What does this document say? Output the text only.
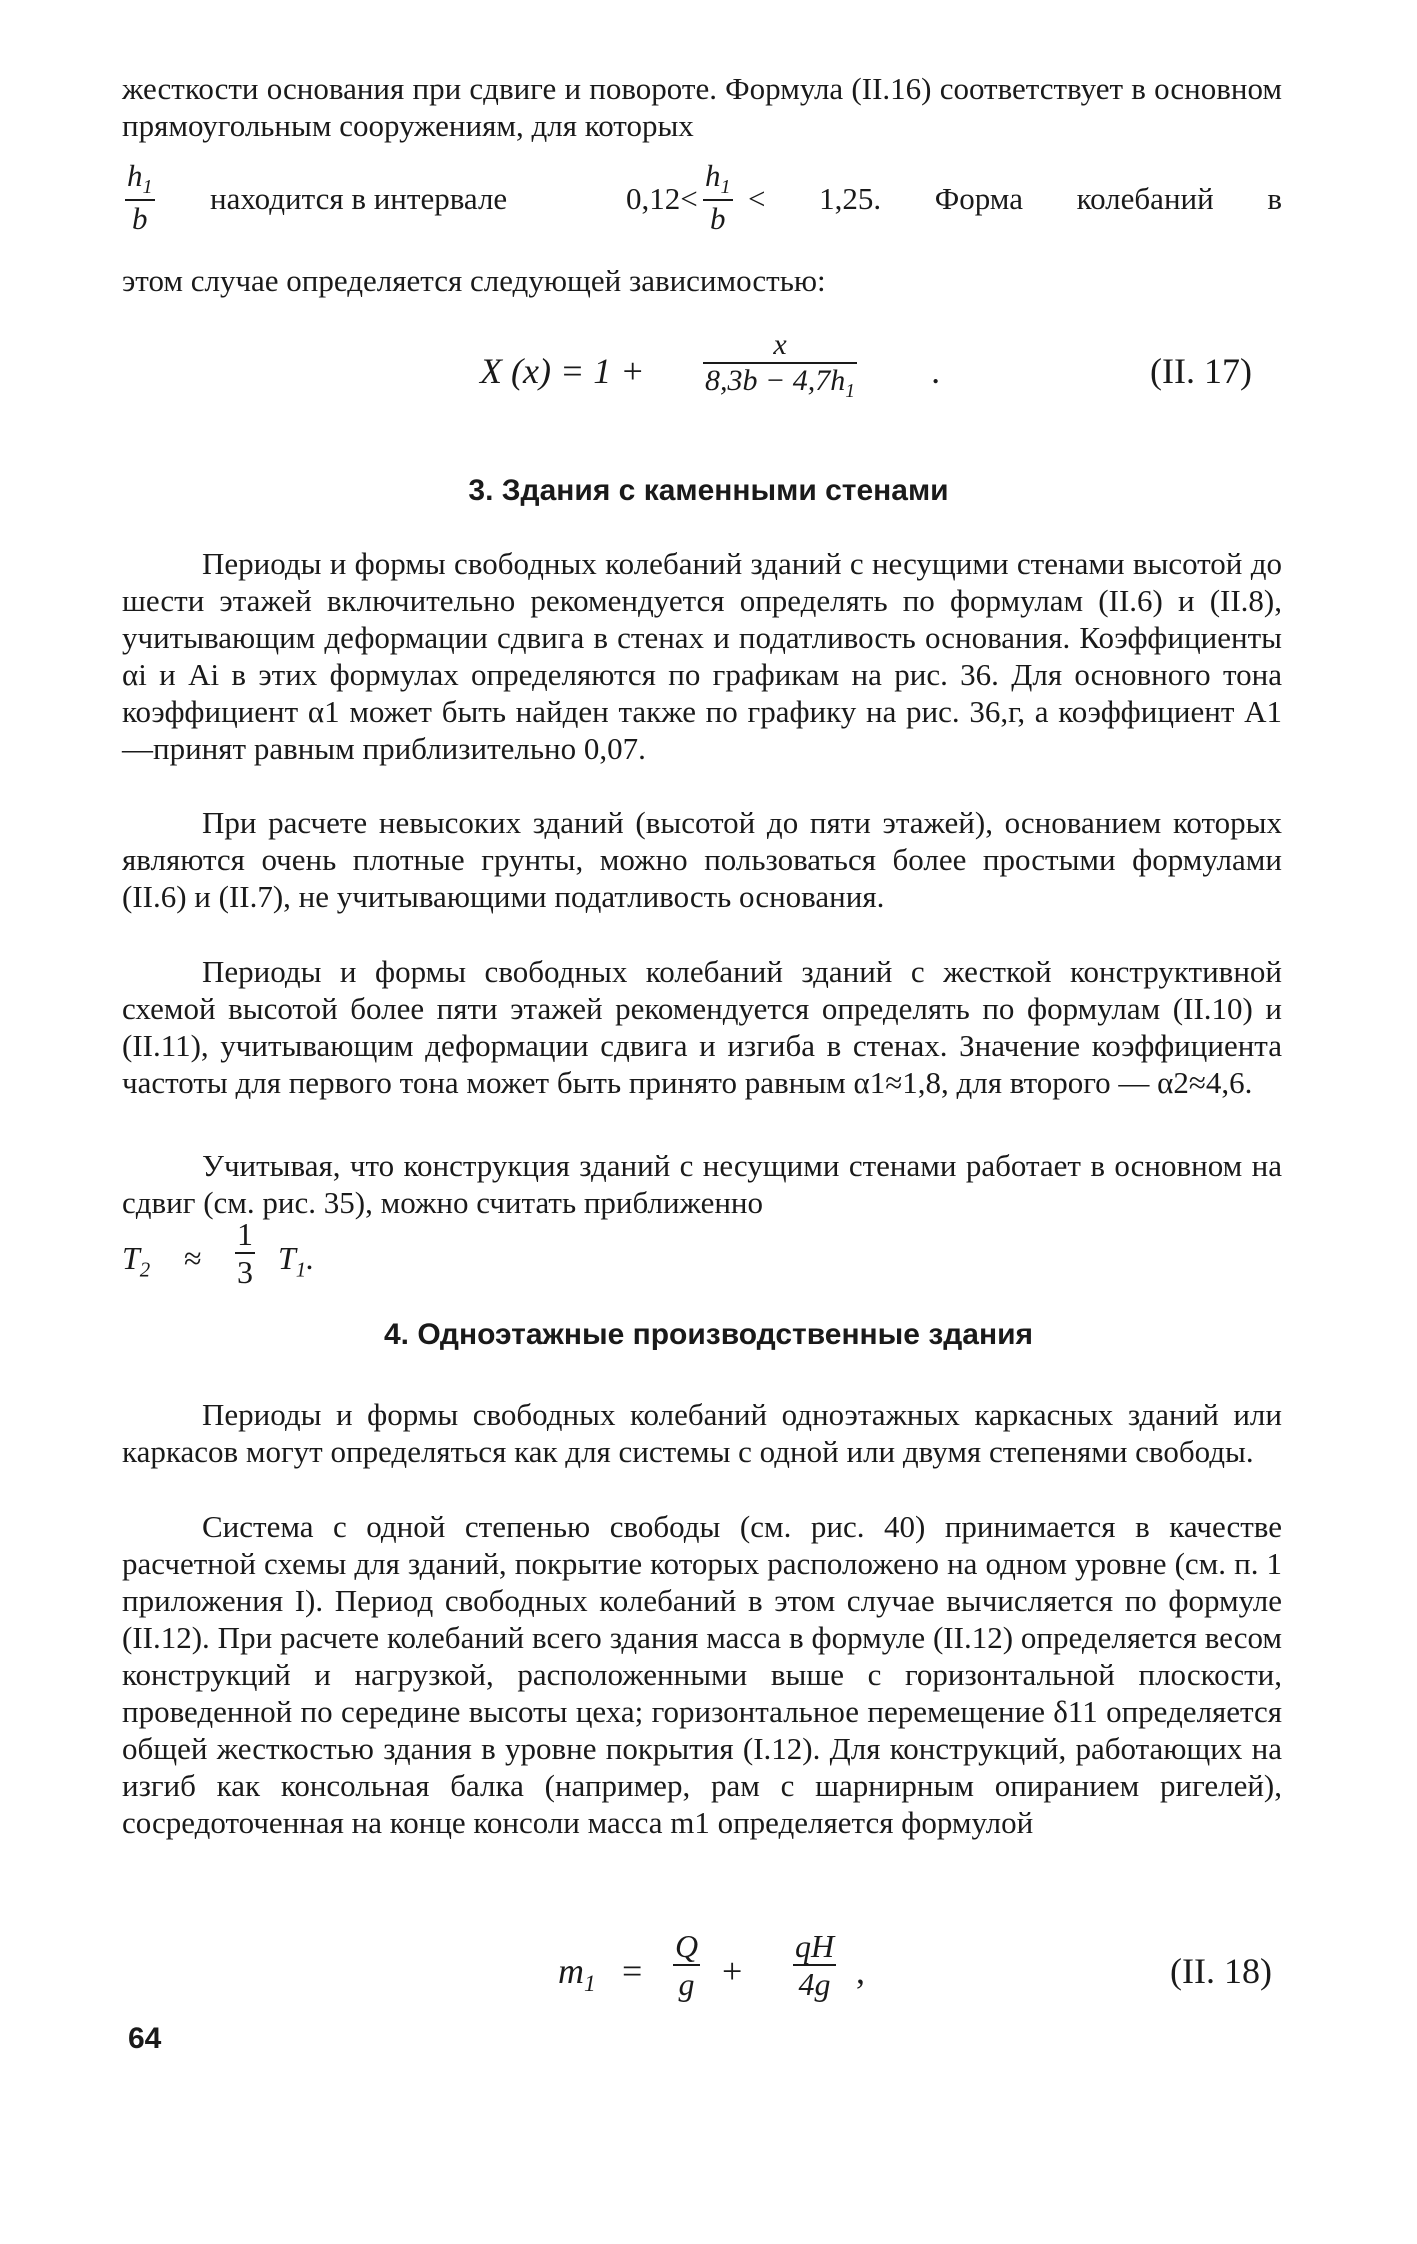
жесткости основания при сдвиге и повороте. Формула (II.16) соответствует в основном прямоугольным сооружениям, для которых

$\frac{h_1}{b}$ находится в интервале	$0,12< \frac{h_1}{b} < 1,25$. Форма колебаний в

этом случае определяется следующей зависимостью:

X $(x) = 1 + \frac{x}{8,3b - 4,7h_1}$ .	(II. 17)
3. Здания с каменными стенами

Периоды и формы свободных колебаний зданий с несущими стенами высотой до шести этажей включительно рекомендуется определять по формулам (II.6) и (II.8), учитывающим деформации сдвига в стенах и податливость основания. Коэффициенты αi и Ai в этих формулах определяются по графикам на рис. 36. Для основного тона коэффициент α1 может быть найден также по графику на рис. 36,г, а коэффициент A1—принят равным приблизительно 0,07.

При расчете невысоких зданий (высотой до пяти этажей), основанием которых являются очень плотные грунты, можно пользоваться более простыми формулами (II.6) и (II.7), не учитывающими податливость основания.

Периоды и формы свободных колебаний зданий с жесткой конструктивной схемой высотой более пяти этажей рекомендуется определять по формулам (II.10) и (II.11), учитывающим деформации сдвига и изгиба в стенах. Значение коэффициента частоты для первого тона может быть принято равным α1≈1,8, для второго — α2≈4,6.

Учитывая, что конструкция зданий с несущими стенами работает в основном на сдвиг (см. рис. 35), можно считать приближенно

$T_2 \approx \frac{1}{3} T_1$.
4. Одноэтажные производственные здания

Периоды и формы свободных колебаний одноэтажных каркасных зданий или каркасов могут определяться как для системы с одной или двумя степенями свободы.

Система с одной степенью свободы (см. рис. 40) принимается в качестве расчетной схемы для зданий, покрытие которых расположено на одном уровне (см. п. 1 приложения I). Период свободных колебаний в этом случае вычисляется по формуле (II.12). При расчете колебаний всего здания масса в формуле (II.12) определяется весом конструкций и нагрузкой, расположенными выше с горизонтальной плоскости, проведенной по середине высоты цеха; горизонтальное перемещение δ11 определяется общей жесткостью здания в уровне покрытия (I.12). Для конструкций, работающих на изгиб как консольная балка (например, рам с шарнирным опиранием ригелей), сосредоточенная на конце консоли масса m1 определяется формулой

$m_1 = \frac{Q}{g} + \frac{qH}{4g}$ ,	(II. 18)
64
